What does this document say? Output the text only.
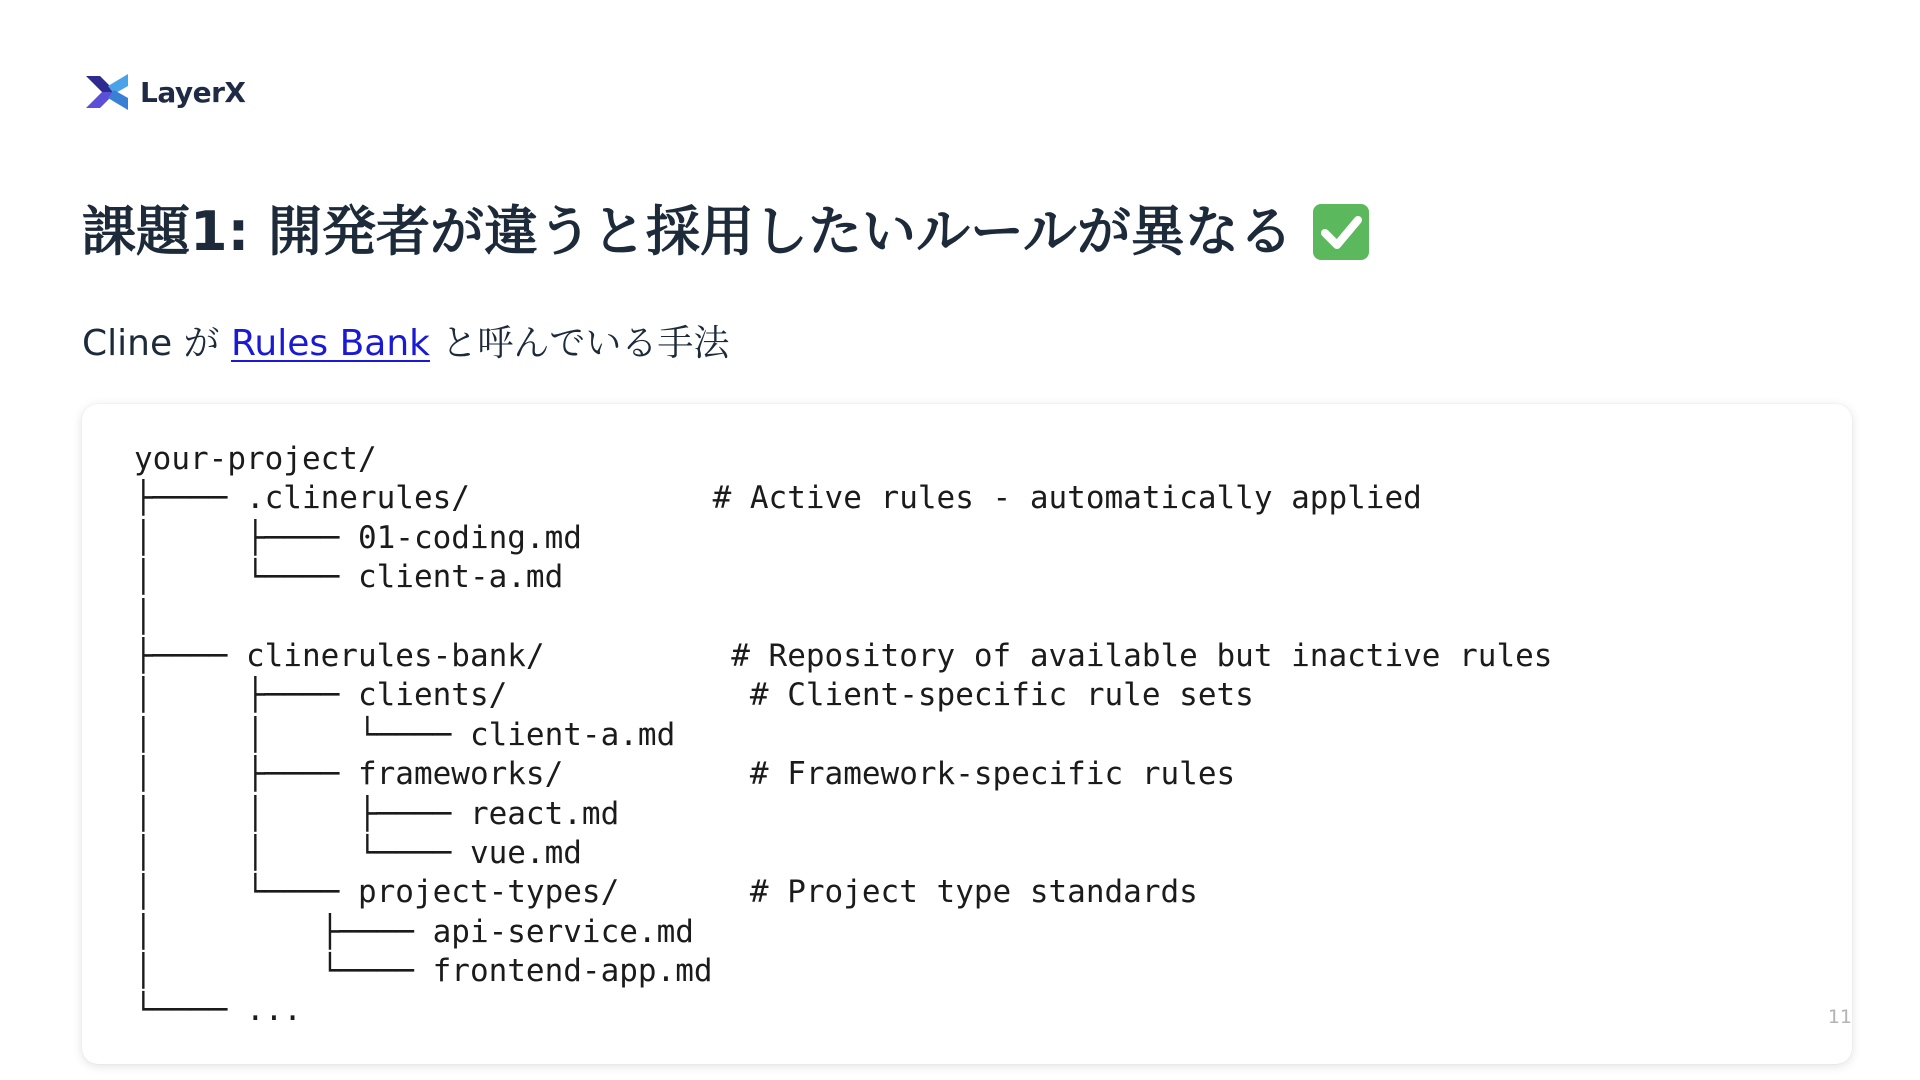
LayerX
課題1: 開発者が違うと採用したいルールが異なる

Cline が Rules Bank と呼んでいる手法

your-project/
├──── .clinerules/             # Active rules - automatically applied
│     ├──── 01-coding.md
│     └──── client-a.md
│
├──── clinerules-bank/          # Repository of available but inactive rules
│     ├──── clients/             # Client-specific rule sets
│     │     └──── client-a.md
│     ├──── frameworks/          # Framework-specific rules
│     │     ├──── react.md
│     │     └──── vue.md
│     └──── project-types/       # Project type standards
│         ├──── api-service.md
│         └──── frontend-app.md
└──── ...	11
